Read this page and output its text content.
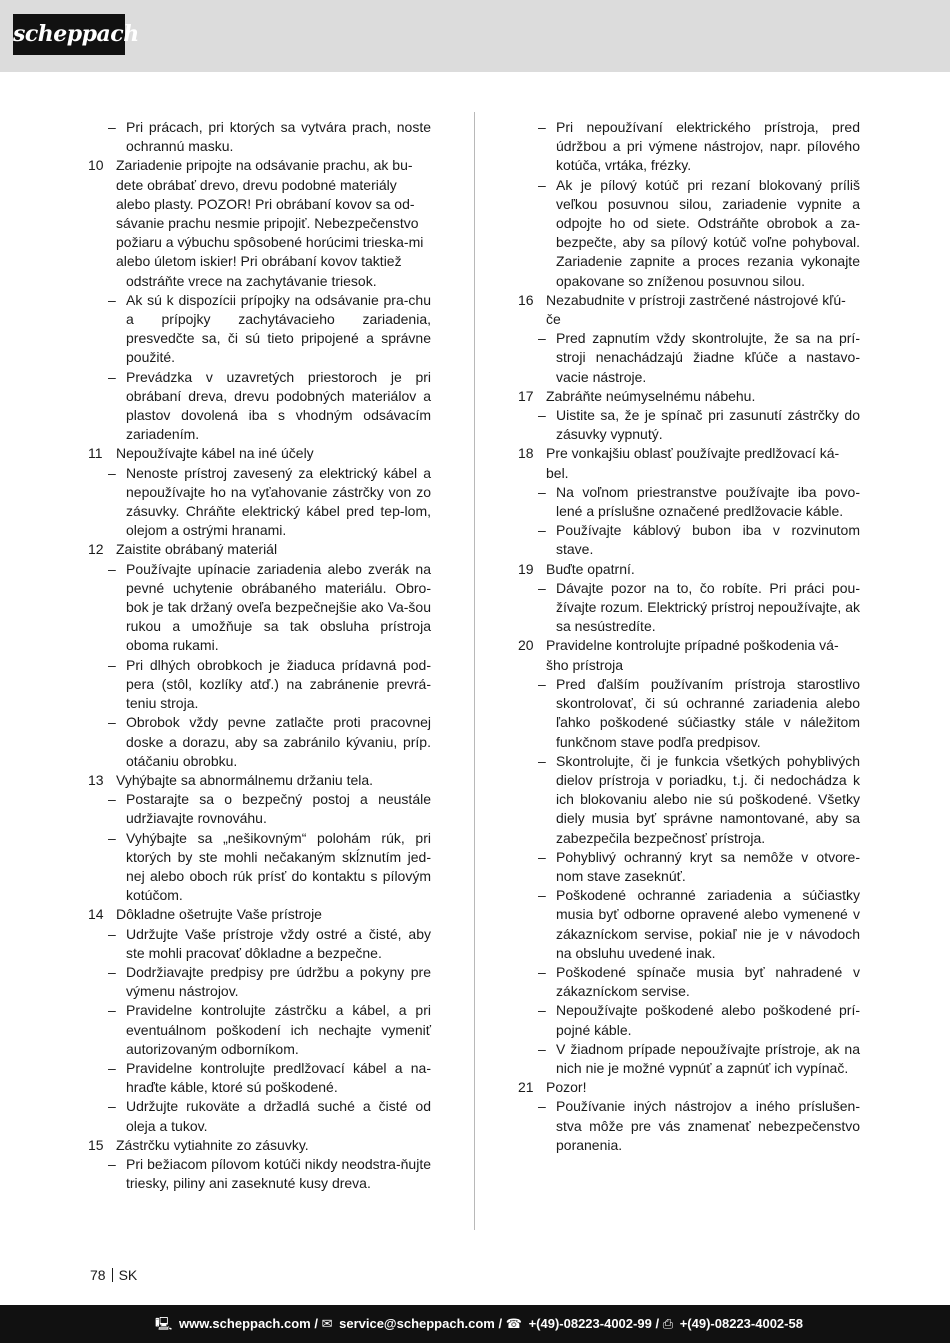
scheppach
– Pri prácach, pri ktorých sa vytvára prach, noste ochrannú masku.
10 Zariadenie pripojte na odsávanie prachu, ak bu-dete obrábať drevo, drevu podobné materiály alebo plasty. POZOR! Pri obrábaní kovov sa od-sávanie prachu nesmie pripojiť. Nebezpečenstvo požiaru a výbuchu spôsobené horúcimi trieska-mi alebo úletom iskier! Pri obrábaní kovov taktiež
odstráňte vrece na zachytávanie triesok.
– Ak sú k dispozícii prípojky na odsávanie pra-chu a prípojky zachytávacieho zariadenia, presvedčte sa, či sú tieto pripojené a správne použité.
– Prevádzka v uzavretých priestoroch je pri obrábaní dreva, drevu podobných materiálov a plastov dovolená iba s vhodným odsávacím zariadením.
11 Nepoužívajte kábel na iné účely
– Nenoste prístroj zavesený za elektrický kábel a nepoužívajte ho na vyťahovanie zástrčky von zo zásuvky. Chráňte elektrický kábel pred tep-lom, olejom a ostrými hranami.
12 Zaistite obrábaný materiál
– Používajte upínacie zariadenia alebo zverák na pevné uchytenie obrábaného materiálu. Obro-bok je tak držaný oveľa bezpečnejšie ako Va-šou rukou a umožňuje sa tak obsluha prístroja oboma rukami.
– Pri dlhých obrobkoch je žiaduca prídavná pod-pera (stôl, kozlíky atď.) na zabránenie prevrá-teniu stroja.
– Obrobok vždy pevne zatlačte proti pracovnej doske a dorazu, aby sa zabránilo kývaniu, príp. otáčaniu obrobku.
13 Vyhýbajte sa abnormálnemu držaniu tela.
– Postarajte sa o bezpečný postoj a neustále udržiavajte rovnováhu.
– Vyhýbajte sa „nešikovným“ polohám rúk, pri ktorých by ste mohli nečakaným skĺznutím jed-nej alebo oboch rúk prísť do kontaktu s pílovým kotúčom.
14 Dôkladne ošetrujte Vaše prístroje
– Udržujte Vaše prístroje vždy ostré a čisté, aby ste mohli pracovať dôkladne a bezpečne.
– Dodržiavajte predpisy pre údržbu a pokyny pre výmenu nástrojov.
– Pravidelne kontrolujte zástrčku a kábel, a pri eventuálnom poškodení ich nechajte vymeniť autorizovaným odborníkom.
– Pravidelne kontrolujte predlžovací kábel a na-hraďte káble, ktoré sú poškodené.
– Udržujte rukoväte a držadlá suché a čisté od oleja a tukov.
15 Zástrčku vytiahnite zo zásuvky.
– Pri bežiacom pílovom kotúči nikdy neodstra-ňujte triesky, piliny ani zaseknuté kusy dreva.
– Pri nepoužívaní elektrického prístroja, pred údržbou a pri výmene nástrojov, napr. pílového kotúča, vrtáka, frézky.
– Ak je pílový kotúč pri rezaní blokovaný príliš veľkou posuvnou silou, zariadenie vypnite a odpojte ho od siete. Odstráňte obrobok a za-bezpečte, aby sa pílový kotúč voľne pohyboval. Zariadenie zapnite a proces rezania vykonajte opakovane so zníženou posuvnou silou.
16 Nezabudnite v prístroji zastrčené nástrojové kľú-če
– Pred zapnutím vždy skontrolujte, že sa na prí-stroji nenachádzajú žiadne kľúče a nastavo-vacie nástroje.
17 Zabráňte neúmyselnému nábehu.
– Uistite sa, že je spínač pri zasunutí zástrčky do zásuvky vypnutý.
18 Pre vonkajšiu oblasť používajte predlžovací ká-bel.
– Na voľnom priestranstve používajte iba povo-lené a príslušne označené predlžovacie káble.
– Používajte káblový bubon iba v rozvinutom stave.
19 Buďte opatrní.
– Dávajte pozor na to, čo robíte. Pri práci pou-žívajte rozum. Elektrický prístroj nepoužívajte, ak sa nesústredíte.
20 Pravidelne kontrolujte prípadné poškodenia vá-šho prístroja
– Pred ďalším používaním prístroja starostlivo skontrolovať, či sú ochranné zariadenia alebo ľahko poškodené súčiastky stále v náležitom funkčnom stave podľa predpisov.
– Skontrolujte, či je funkcia všetkých pohyblivých dielov prístroja v poriadku, t.j. či nedochádza k ich blokovaniu alebo nie sú poškodené. Všetky diely musia byť správne namontované, aby sa zabezpečila bezpečnosť prístroja.
– Pohyblivý ochranný kryt sa nemôže v otvore-nom stave zaseknúť.
– Poškodené ochranné zariadenia a súčiastky musia byť odborne opravené alebo vymenené v zákazníckom servise, pokiaľ nie je v návodoch na obsluhu uvedené inak.
– Poškodené spínače musia byť nahradené v zákazníckom servise.
– Nepoužívajte poškodené alebo poškodené prí-pojné káble.
– V žiadnom prípade nepoužívajte prístroje, ak na nich nie je možné vypnúť a zapnúť ich vypínač.
21 Pozor!
– Používanie iných nástrojov a iného príslušen-stva môže pre vás znamenať nebezpečenstvo poranenia.
78 SK
🖳 www.scheppach.com / ✉ service@scheppach.com / ☎ +(49)-08223-4002-99 / ⎙ +(49)-08223-4002-58
